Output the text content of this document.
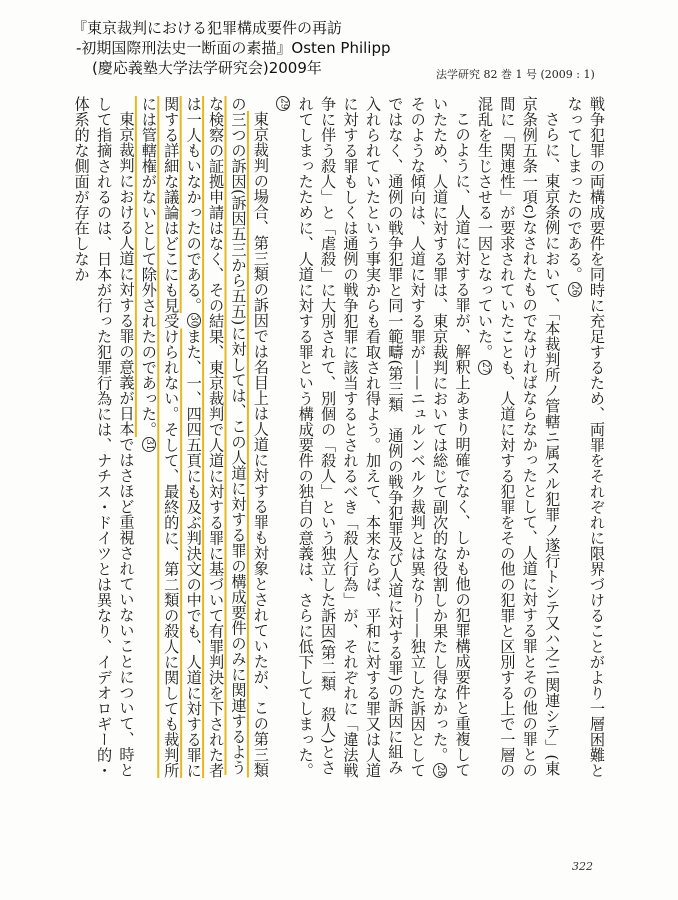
『東京裁判における犯罪構成要件の再訪
-初期国際刑法史一断面の素描』Osten Philipp
(慶応義塾大学法学研究会)2009年	法学研究 82 巻 1 号 (2009 : 1)

戦争犯罪の両構成要件を同時に充足するため、両罪をそれぞれに限界づけることがより一層困難となってしまったのである。26

さらに、東京条例において、「本裁判所ノ管轄ニ属スル犯罪ノ遂行トシテ又ハ之ニ関連シテ」(東京条例五条一項c)なされたものでなければならなかったとして、人道に対する罪とその他の罪との間に「関連性」が要求されていたことも、人道に対する犯罪をその他の犯罪と区別する上で一層の混乱を生じさせる一因となっていた。27

このように、人道に対する罪が、解釈上あまり明確でなく、しかも他の犯罪構成要件と重複していたため、人道に対する罪は、東京裁判においては総じて副次的な役割しか果たし得なかった。28そのような傾向は、人道に対する罪が——ニュルンベルク裁判とは異なり——独立した訴因としてではなく、通例の戦争犯罪と同一範疇(第三類　通例の戦争犯罪及び人道に対する罪)の訴因に組み入れられていたという事実からも看取され得よう。加えて、本来ならば、平和に対する罪又は人道に対する罪もしくは通例の戦争犯罪に該当するとされるべき「殺人行為」が、それぞれに「違法戦争に伴う殺人」と「虐殺」に大別されて、別個の「殺人」という独立した訴因(第二類　殺人)とされてしまったために、人道に対する罪という構成要件の独自の意義は、さらに低下してしまった。29

東京裁判の場合、第三類の訴因では名目上は人道に対する罪も対象とされていたが、この第三類の三つの訴因(訴因五三から五五)に対しては、この人道に対する罪の構成要件のみに関連するような検察の証拠申請はなく、その結果、東京裁判で人道に対する罪に基づいて有罪判決を下された者は一人もいなかったのである。30また、一、四四五頁にも及ぶ判決文の中でも、人道に対する罪に関する詳細な議論はどこにも見受けられない。そして、最終的に、第二類の殺人に関しても裁判所には管轄権がないとして除外されたのであった。31

東京裁判における人道に対する罪の意義が日本ではさほど重視されていないことについて、時として指摘されるのは、日本が行った犯罪行為には、ナチス・ドイツとは異なり、イデオロギー的・体系的な側面が存在しなか

322
